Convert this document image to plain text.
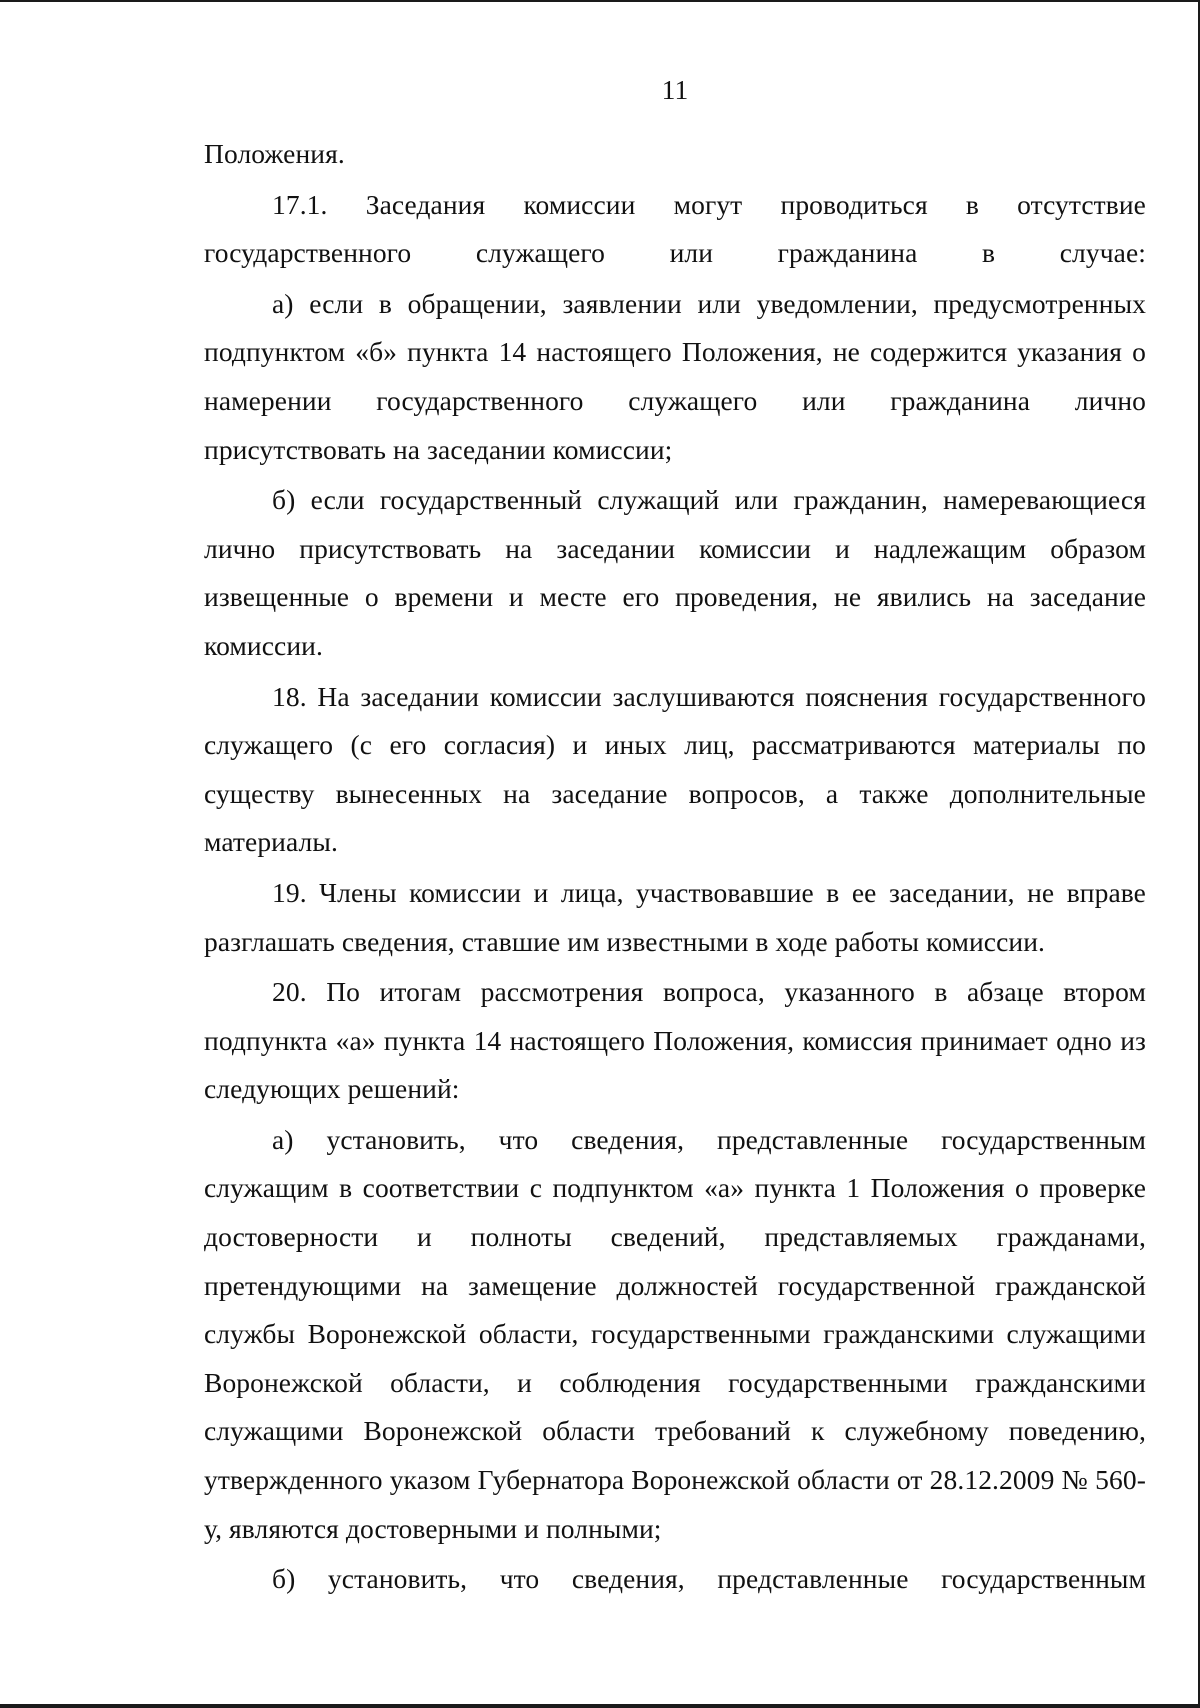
11

Положения.

17.1. Заседания комиссии могут проводиться в отсутствие государственного служащего или гражданина в случае:

а) если в обращении, заявлении или уведомлении, предусмотренных подпунктом «б» пункта 14 настоящего Положения, не содержится указания о намерении государственного служащего или гражданина лично присутствовать на заседании комиссии;

б) если государственный служащий или гражданин, намеревающиеся лично присутствовать на заседании комиссии и надлежащим образом извещенные о времени и месте его проведения, не явились на заседание комиссии.

18. На заседании комиссии заслушиваются пояснения государственного служащего (с его согласия) и иных лиц, рассматриваются материалы по существу вынесенных на заседание вопросов, а также дополнительные материалы.

19. Члены комиссии и лица, участвовавшие в ее заседании, не вправе разглашать сведения, ставшие им известными в ходе работы комиссии.

20. По итогам рассмотрения вопроса, указанного в абзаце втором подпункта «а» пункта 14 настоящего Положения, комиссия принимает одно из следующих решений:

а) установить, что сведения, представленные государственным служащим в соответствии с подпунктом «а» пункта 1 Положения о проверке достоверности и полноты сведений, представляемых гражданами, претендующими на замещение должностей государственной гражданской службы Воронежской области, государственными гражданскими служащими Воронежской области, и соблюдения государственными гражданскими служащими Воронежской области требований к служебному поведению, утвержденного указом Губернатора Воронежской области от 28.12.2009 № 560-у, являются достоверными и полными;

б) установить, что сведения, представленные государственным
